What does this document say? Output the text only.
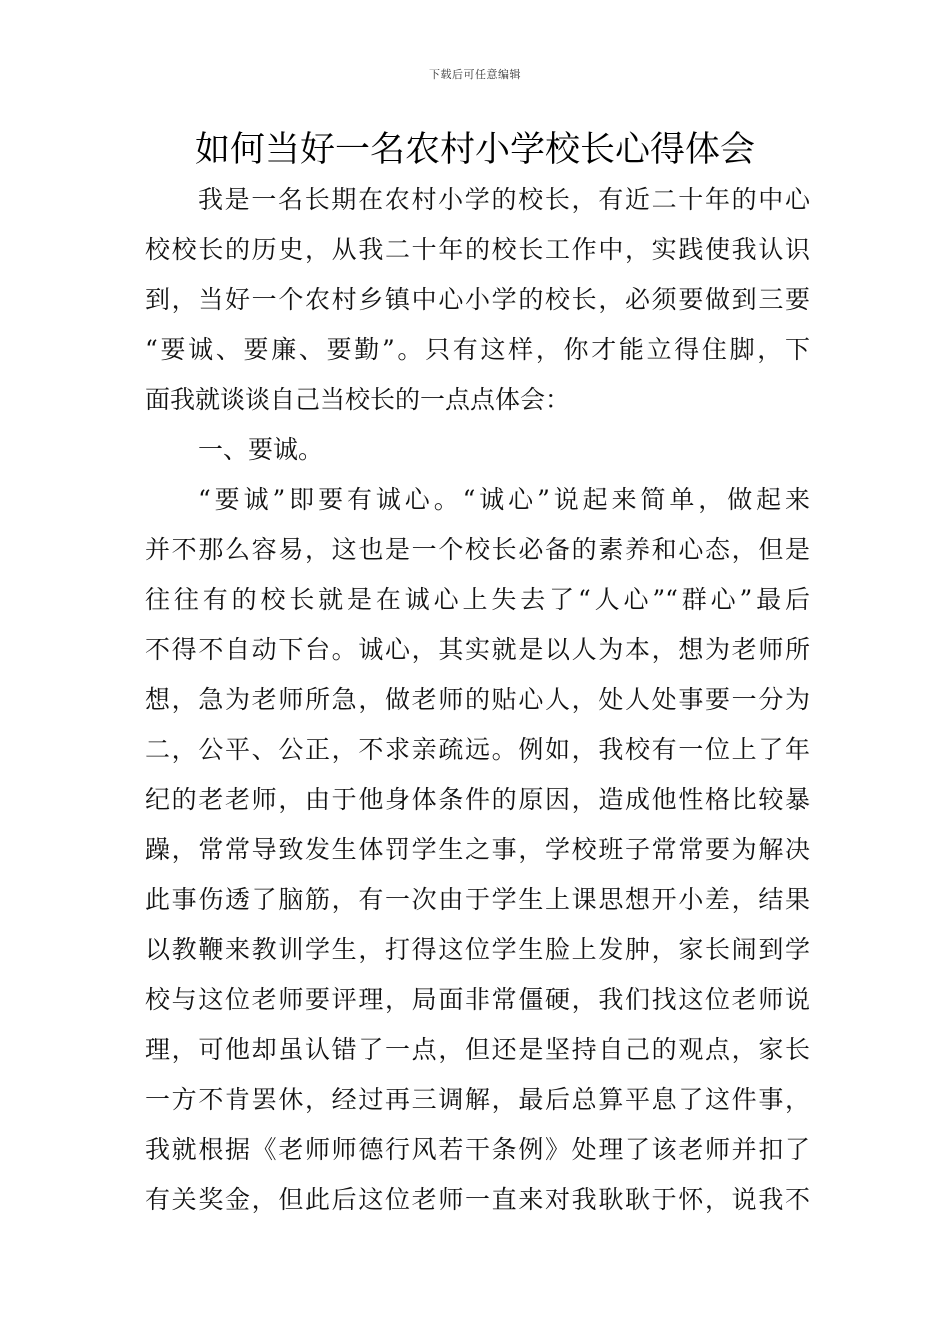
下载后可任意编辑
如何当好一名农村小学校长心得体会
我是一名长期在农村小学的校长，有近二十年的中心
校校长的历史，从我二十年的校长工作中，实践使我认识
到，当好一个农村乡镇中心小学的校长，必须要做到三要
“要诚、要廉、要勤”。只有这样，你才能立得住脚，下
面我就谈谈自己当校长的一点点体会：
一、要诚。
“要诚”即要有诚心。“诚心”说起来简单，做起来
并不那么容易，这也是一个校长必备的素养和心态，但是
往往有的校长就是在诚心上失去了“人心”“群心”最后
不得不自动下台。诚心，其实就是以人为本，想为老师所
想，急为老师所急，做老师的贴心人，处人处事要一分为
二，公平、公正，不求亲疏远。例如，我校有一位上了年
纪的老老师，由于他身体条件的原因，造成他性格比较暴
躁，常常导致发生体罚学生之事，学校班子常常要为解决
此事伤透了脑筋，有一次由于学生上课思想开小差，结果
以教鞭来教训学生，打得这位学生脸上发肿，家长闹到学
校与这位老师要评理，局面非常僵硬，我们找这位老师说
理，可他却虽认错了一点，但还是坚持自己的观点，家长
一方不肯罢休，经过再三调解，最后总算平息了这件事，
我就根据《老师师德行风若干条例》处理了该老师并扣了
有关奖金，但此后这位老师一直来对我耿耿于怀，说我不
